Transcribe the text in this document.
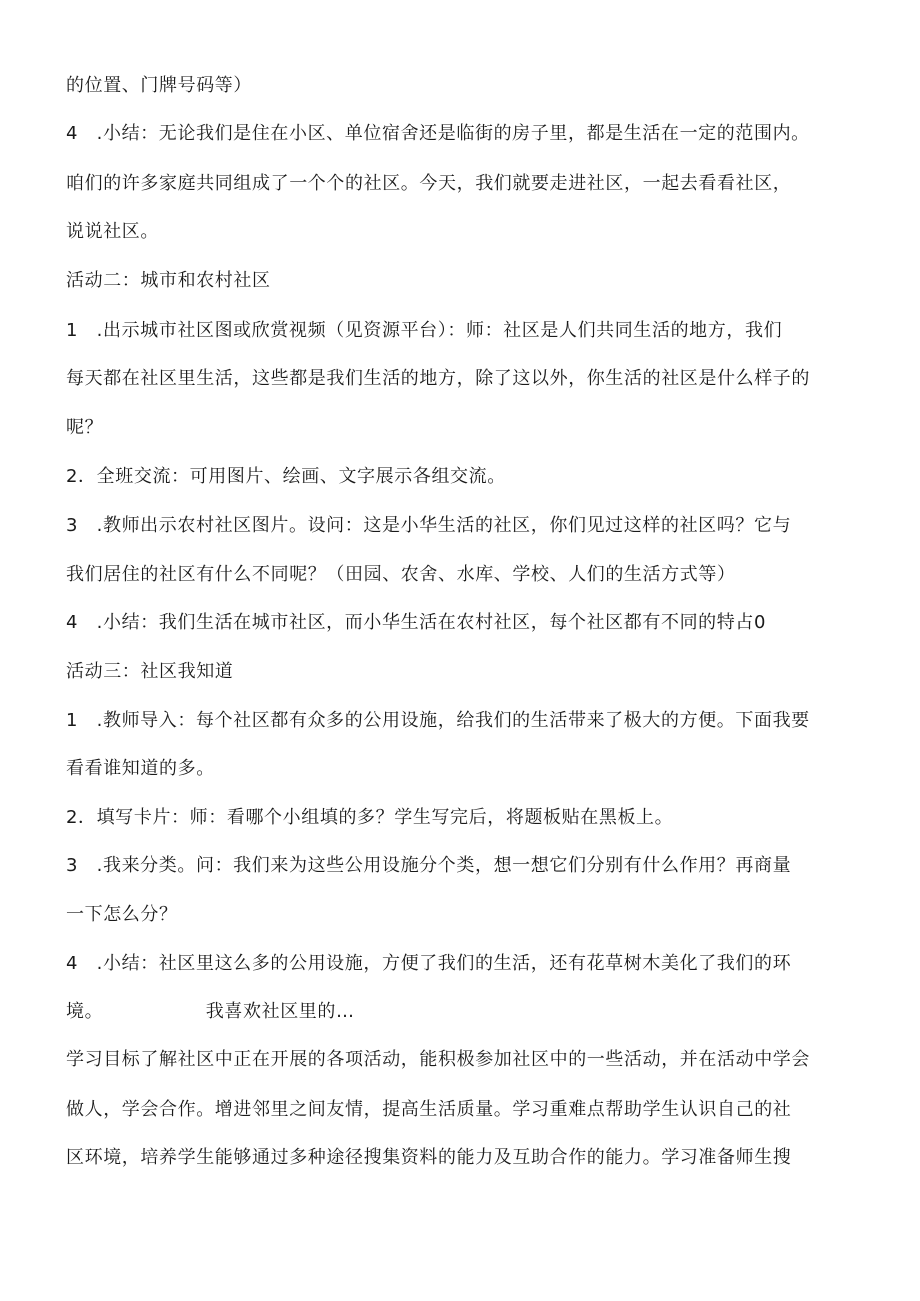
的位置、门牌号码等）
4　.小结：无论我们是住在小区、单位宿舍还是临街的房子里，都是生活在一定的范围内。
咱们的许多家庭共同组成了一个个的社区。今天，我们就要走进社区，一起去看看社区，
说说社区。
活动二：城市和农村社区
1　.出示城市社区图或欣赏视频（见资源平台）：师：社区是人们共同生活的地方，我们
每天都在社区里生活，这些都是我们生活的地方，除了这以外，你生活的社区是什么样子的
呢？
2．全班交流：可用图片、绘画、文字展示各组交流。
3　.教师出示农村社区图片。设问：这是小华生活的社区，你们见过这样的社区吗？它与
我们居住的社区有什么不同呢？（田园、农舍、水库、学校、人们的生活方式等）
4　.小结：我们生活在城市社区，而小华生活在农村社区，每个社区都有不同的特占0
活动三：社区我知道
1　.教师导入：每个社区都有众多的公用设施，给我们的生活带来了极大的方便。下面我要
看看谁知道的多。
2．填写卡片：师：看哪个小组填的多？学生写完后，将题板贴在黑板上。
3　.我来分类。问：我们来为这些公用设施分个类，想一想它们分别有什么作用？再商量
一下怎么分？
4　.小结：社区里这么多的公用设施，方便了我们的生活，还有花草树木美化了我们的环
境。　　　　　　我喜欢社区里的…
学习目标了解社区中正在开展的各项活动，能积极参加社区中的一些活动，并在活动中学会
做人，学会合作。增进邻里之间友情，提高生活质量。学习重难点帮助学生认识自己的社
区环境，培养学生能够通过多种途径搜集资料的能力及互助合作的能力。学习准备师生搜
